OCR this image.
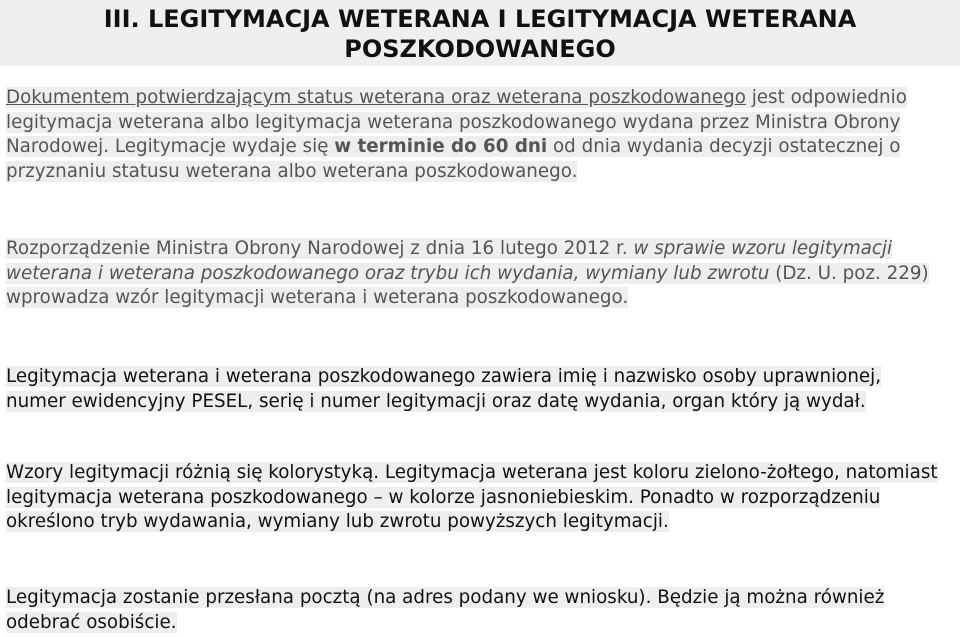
III. LEGITYMACJA WETERANA I LEGITYMACJA WETERANA
POSZKODOWANEGO

Dokumentem potwierdzającym status weterana oraz weterana poszkodowanego jest odpowiednio legitymacja weterana albo legitymacja weterana poszkodowanego wydana przez Ministra Obrony Narodowej. Legitymacje wydaje się w terminie do 60 dni od dnia wydania decyzji ostatecznej o przyznaniu statusu weterana albo weterana poszkodowanego.

Rozporządzenie Ministra Obrony Narodowej z dnia 16 lutego 2012 r. w sprawie wzoru legitymacji weterana i weterana poszkodowanego oraz trybu ich wydania, wymiany lub zwrotu (Dz. U. poz. 229) wprowadza wzór legitymacji weterana i weterana poszkodowanego.

Legitymacja weterana i weterana poszkodowanego zawiera imię i nazwisko osoby uprawnionej, numer ewidencyjny PESEL, serię i numer legitymacji oraz datę wydania, organ który ją wydał.

Wzory legitymacji różnią się kolorystyką. Legitymacja weterana jest koloru zielono-żołtego, natomiast legitymacja weterana poszkodowanego – w kolorze jasnoniebieskim. Ponadto w rozporządzeniu określono tryb wydawania, wymiany lub zwrotu powyższych legitymacji.

Legitymacja zostanie przesłana pocztą (na adres podany we wniosku). Będzie ją można również odebrać osobiście.
